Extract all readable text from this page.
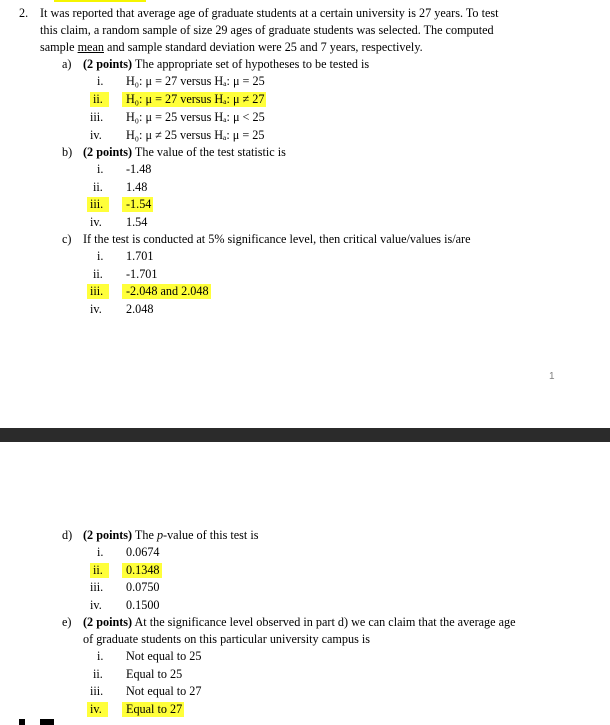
2. It was reported that average age of graduate students at a certain university is 27 years. To test
this claim, a random sample of size 29 ages of graduate students was selected. The computed
sample mean and sample standard deviation were 25 and 7 years, respectively.
a) (2 points) The appropriate set of hypotheses to be tested is
i. H₀: μ = 27 versus Hₐ: μ = 25
ii.	H₀: μ = 27 versus Hₐ: μ ≠ 27
iii. H₀: μ = 25 versus Hₐ: μ < 25
iv. H₀: μ ≠ 25 versus Hₐ: μ = 25
b) (2 points) The value of the test statistic is
i. -1.48
ii. 1.48
iii.	-1.54
iv. 1.54
c) If the test is conducted at 5% significance level, then critical value/values is/are
i. 1.701
ii. -1.701
iii.	-2.048 and 2.048
iv. 2.048
1
d) (2 points) The p-value of this test is
i. 0.0674
ii.	0.1348
iii. 0.0750
iv. 0.1500
e) (2 points) At the significance level observed in part d) we can claim that the average age
of graduate students on this particular university campus is
i. Not equal to 25
ii. Equal to 25
iii. Not equal to 27
iv.	Equal to 27
